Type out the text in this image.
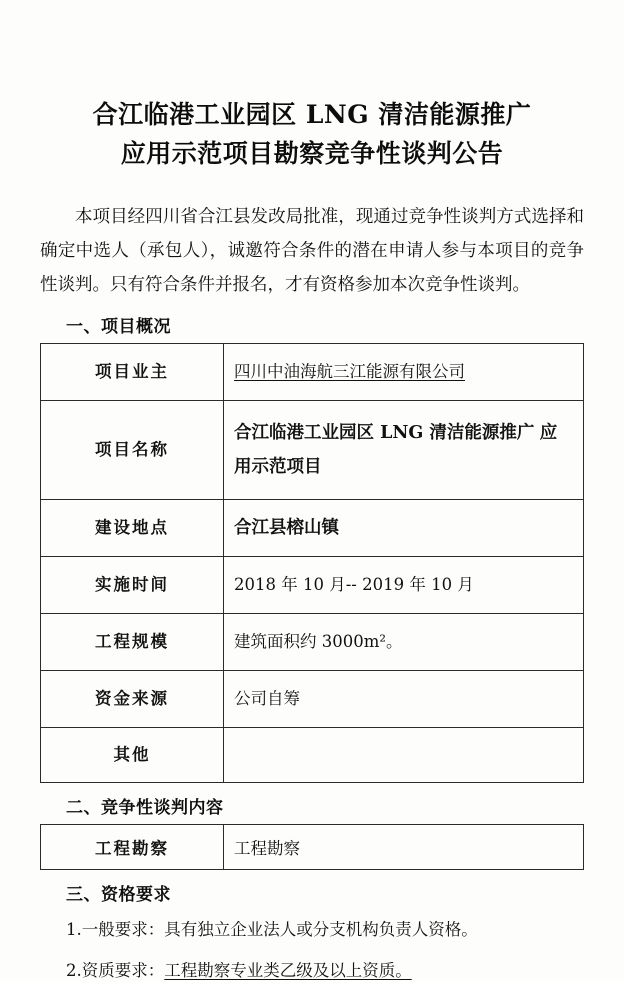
合江临港工业园区 LNG 清洁能源推广
应用示范项目勘察竞争性谈判公告

本项目经四川省合江县发改局批准，现通过竞争性谈判方式选择和确定中选人（承包人），诚邀符合条件的潜在申请人参与本项目的竞争性谈判。只有符合条件并报名，才有资格参加本次竞争性谈判。

一、项目概况
项目业主	四川中油海航三江能源有限公司
项目名称	合江临港工业园区 LNG 清洁能源推广 应用示范项目
建设地点	合江县榕山镇
实施时间	2018 年 10 月-- 2019 年 10 月
工程规模	建筑面积约 3000m²。
资金来源	公司自筹
其他	
二、竞争性谈判内容
工程勘察	工程勘察
三、资格要求
1.一般要求：具有独立企业法人或分支机构负责人资格。
2.资质要求：工程勘察专业类乙级及以上资质。
